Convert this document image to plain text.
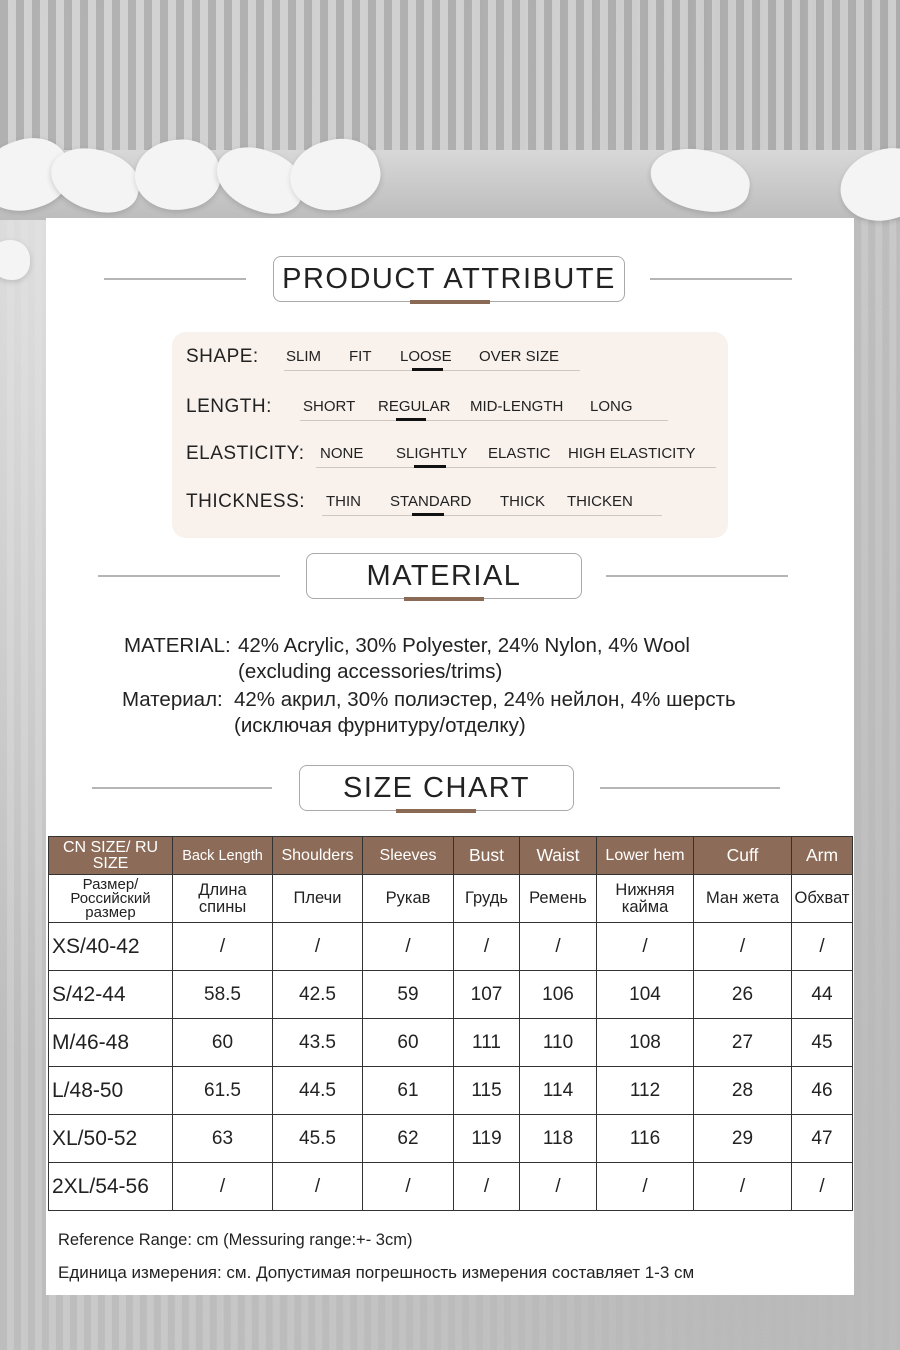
PRODUCT ATTRIBUTE
SHAPE: SLIM FIT LOOSE OVER SIZE
LENGTH: SHORT REGULAR MID-LENGTH LONG
ELASTICITY: NONE SLIGHTLY ELASTIC HIGH ELASTICITY
THICKNESS: THIN STANDARD THICK THICKEN
MATERIAL
MATERIAL: 42% Acrylic, 30% Polyester, 24% Nylon, 4% Wool
(excluding accessories/trims)
Материал: 42% акрил, 30% полиэстер, 24% нейлон, 4% шерсть
(исключая фурнитуру/отделку)
SIZE CHART
CN SIZE/ RU SIZE	Back Length	Shoulders	Sleeves	Bust	Waist	Lower hem	Cuff	Arm
Размер/ Российский размер	Длина спины	Плечи	Рукав	Грудь	Ремень	Нижняя кайма	Ман жета	Обхват
XS/40-42	/	/	/	/	/	/	/	/
S/42-44	58.5	42.5	59	107	106	104	26	44
M/46-48	60	43.5	60	111	110	108	27	45
L/48-50	61.5	44.5	61	115	114	112	28	46
XL/50-52	63	45.5	62	119	118	116	29	47
2XL/54-56	/	/	/	/	/	/	/	/
Reference Range: cm (Messuring range:+- 3cm)
Единица измерения: см. Допустимая погрешность измерения составляет 1-3 см
